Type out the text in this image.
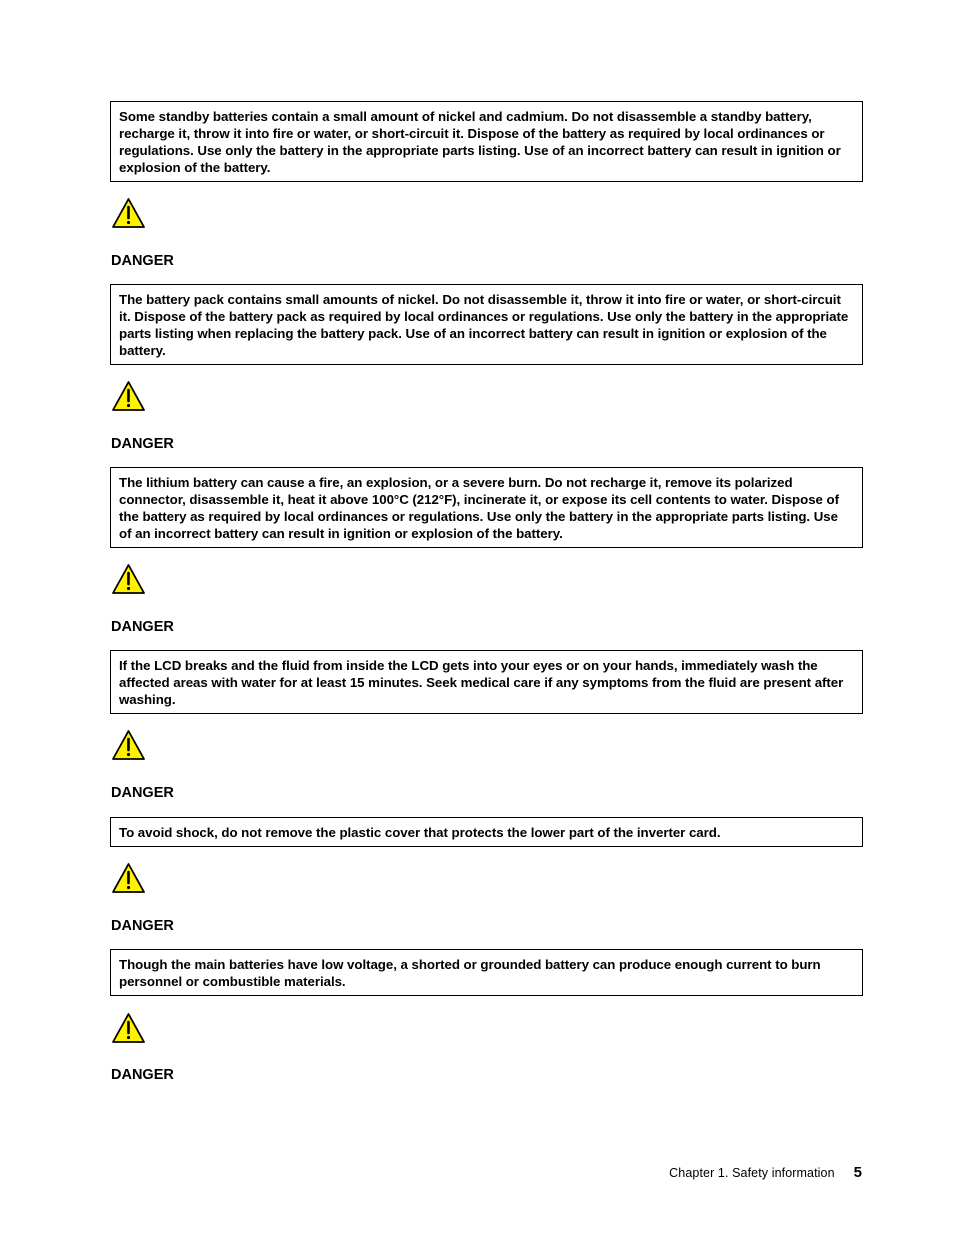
Some standby batteries contain a small amount of nickel and cadmium. Do not disassemble a standby battery, recharge it, throw it into fire or water, or short-circuit it. Dispose of the battery as required by local ordinances or regulations. Use only the battery in the appropriate parts listing. Use of an incorrect battery can result in ignition or explosion of the battery.
DANGER
The battery pack contains small amounts of nickel. Do not disassemble it, throw it into fire or water, or short-circuit it. Dispose of the battery pack as required by local ordinances or regulations. Use only the battery in the appropriate parts listing when replacing the battery pack. Use of an incorrect battery can result in ignition or explosion of the battery.
DANGER
The lithium battery can cause a fire, an explosion, or a severe burn. Do not recharge it, remove its polarized connector, disassemble it, heat it above 100°C (212°F), incinerate it, or expose its cell contents to water. Dispose of the battery as required by local ordinances or regulations. Use only the battery in the appropriate parts listing. Use of an incorrect battery can result in ignition or explosion of the battery.
DANGER
If the LCD breaks and the fluid from inside the LCD gets into your eyes or on your hands, immediately wash the affected areas with water for at least 15 minutes. Seek medical care if any symptoms from the fluid are present after washing.
DANGER
To avoid shock, do not remove the plastic cover that protects the lower part of the inverter card.
DANGER
Though the main batteries have low voltage, a shorted or grounded battery can produce enough current to burn personnel or combustible materials.
DANGER
Chapter 1. Safety information 5
